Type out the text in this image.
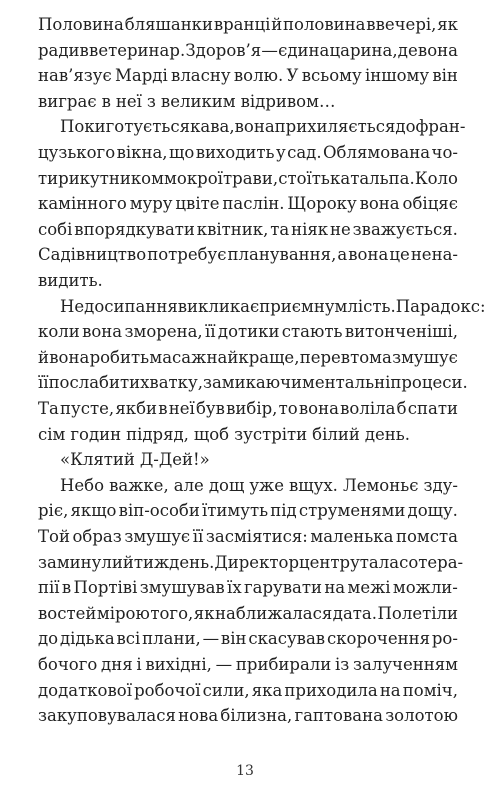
Половина бляшанки вранці й половина ввечері, як
радив ветеринар. Здоров’я — єдина царина, де вона
нав’язує Марді власну волю. У всьому іншому він
виграє в неї з великим відривом…
Поки готується кава, вона прихиляється до фран-
цузького вікна, що виходить у сад. Облямована чо-
тирикутником мокрої трави, стоїть катальпа. Коло
камінного муру цвіте паслін. Щороку вона обіцяє
собі впорядкувати квітник, та ніяк не зважується.
Садівництво потребує планування, а вона це нена-
видить.
Недосипання викликає приємну млість. Парадокс:
коли вона зморена, її дотики стають витонченіші,
й вона робить масаж найкраще, перевтома змушує
її послабити хватку, замикаючи ментальні процеси.
Та пусте, якби в неї був вибір, то вона воліла б спати
сім годин підряд, щоб зустріти білий день.
«Клятий Д-Дей!»
Небо важке, але дощ уже вщух. Лемоньє зду-
ріє, якщо віп-особи їтимуть під струменями дощу.
Той образ змушує її засміятися: маленька помста
за минулий тиждень. Директор центру таласотера-
пії в Портіві змушував їх гарувати на межі можли-
востей мірою того, як наближалася дата. Полетіли
до дідька всі плани, — він скасував скорочення ро-
бочого дня і вихідні, — прибирали із залученням
додаткової робочої сили, яка приходила на поміч,
закуповувалася нова білизна, гаптована золотою
13
